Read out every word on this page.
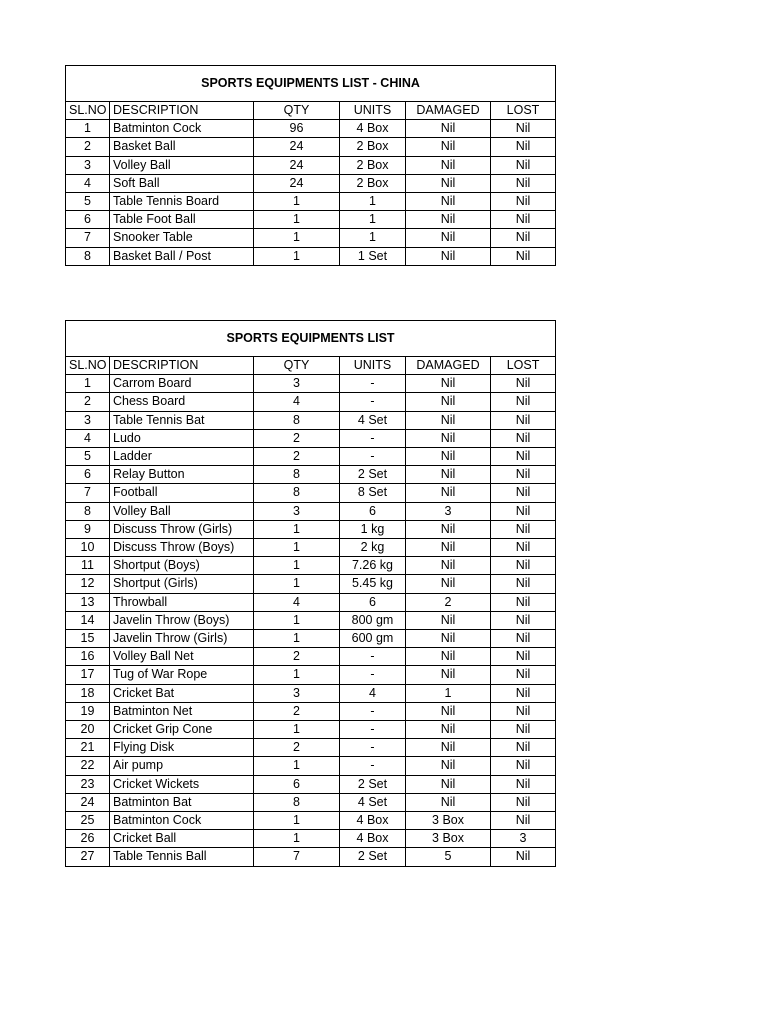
SPORTS EQUIPMENTS LIST - CHINA					
SL.NO	DESCRIPTION	QTY	UNITS	DAMAGED	LOST
1	Batminton Cock	96	4 Box	Nil	Nil
2	Basket Ball	24	2 Box	Nil	Nil
3	Volley Ball	24	2 Box	Nil	Nil
4	Soft Ball	24	2 Box	Nil	Nil
5	Table Tennis Board	1	1	Nil	Nil
6	Table Foot Ball	1	1	Nil	Nil
7	Snooker Table	1	1	Nil	Nil
8	Basket Ball / Post	1	1 Set	Nil	Nil
SPORTS EQUIPMENTS LIST					
SL.NO	DESCRIPTION	QTY	UNITS	DAMAGED	LOST
1	Carrom Board	3	-	Nil	Nil
2	Chess Board	4	-	Nil	Nil
3	Table Tennis Bat	8	4 Set	Nil	Nil
4	Ludo	2	-	Nil	Nil
5	Ladder	2	-	Nil	Nil
6	Relay Button	8	2 Set	Nil	Nil
7	Football	8	8 Set	Nil	Nil
8	Volley Ball	3	6	3	Nil
9	Discuss Throw (Girls)	1	1 kg	Nil	Nil
10	Discuss Throw (Boys)	1	2 kg	Nil	Nil
11	Shortput (Boys)	1	7.26 kg	Nil	Nil
12	Shortput (Girls)	1	5.45 kg	Nil	Nil
13	Throwball	4	6	2	Nil
14	Javelin Throw (Boys)	1	800 gm	Nil	Nil
15	Javelin Throw (Girls)	1	600 gm	Nil	Nil
16	Volley Ball Net	2	-	Nil	Nil
17	Tug of War Rope	1	-	Nil	Nil
18	Cricket Bat	3	4	1	Nil
19	Batminton Net	2	-	Nil	Nil
20	Cricket Grip Cone	1	-	Nil	Nil
21	Flying Disk	2	-	Nil	Nil
22	Air pump	1	-	Nil	Nil
23	Cricket Wickets	6	2 Set	Nil	Nil
24	Batminton Bat	8	4 Set	Nil	Nil
25	Batminton Cock	1	4 Box	3 Box	Nil
26	Cricket Ball	1	4 Box	3 Box	3
27	Table Tennis Ball	7	2 Set	5	Nil
